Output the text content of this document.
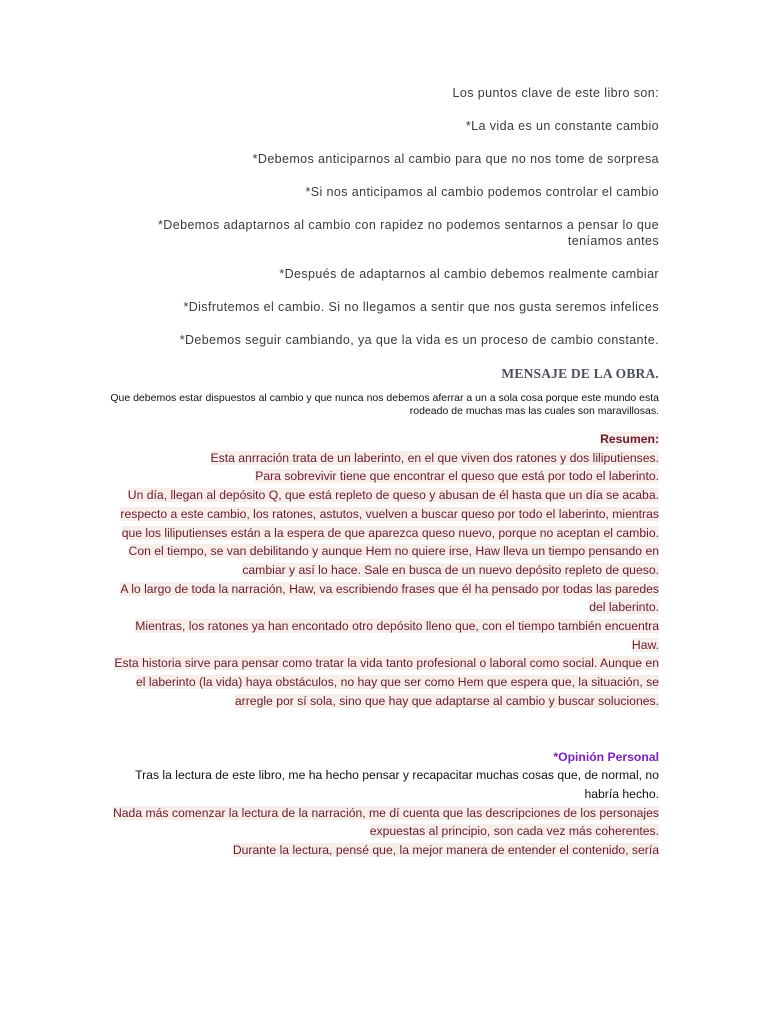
Los puntos clave de este libro son:

*La vida es un constante cambio

*Debemos anticiparnos al cambio para que no nos tome de sorpresa

*Si nos anticipamos al cambio podemos controlar el cambio

*Debemos adaptarnos al cambio con rapidez no podemos sentarnos a pensar lo que teníamos antes

*Después de adaptarnos al cambio debemos realmente cambiar

*Disfrutemos el cambio. Si no llegamos a sentir que nos gusta seremos infelices

*Debemos seguir cambiando, ya que la vida es un proceso de cambio constante.

MENSAJE DE LA OBRA.

Que debemos estar dispuestos al cambio y que nunca nos debemos aferrar a un a sola cosa porque este mundo esta rodeado de muchas mas las cuales son maravillosas.

Resumen:

Esta anrración trata de un laberinto, en el que viven dos ratones y dos liliputienses.

Para sobrevivir tiene que encontrar el queso que está por todo el laberinto.

Un día, llegan al depósito Q, que está repleto de queso y abusan de él hasta que un día se acaba.

respecto a este cambio, los ratones, astutos, vuelven a buscar queso por todo el laberinto, mientras que los liliputienses están a la espera de que aparezca queso nuevo, porque no aceptan el cambio. Con el tiempo, se van debilitando y aunque Hem no quiere irse, Haw lleva un tiempo pensando en cambiar y así lo hace. Sale en busca de un nuevo depósito repleto de queso.

A lo largo de toda la narración, Haw, va escribiendo frases que él ha pensado por todas las paredes del laberinto.

Mientras, los ratones ya han encontado otro depósito lleno que, con el tiempo también encuentra Haw.

Esta historia sirve para pensar como tratar la vida tanto profesional o laboral como social. Aunque en el laberinto (la vida) haya obstáculos, no hay que ser como Hem que espera que, la situación, se arregle por sí sola, sino que hay que adaptarse al cambio y buscar soluciones.

*Opinión Personal

Tras la lectura de este libro, me ha hecho pensar y recapacitar muchas cosas que, de normal, no habría hecho.

Nada más comenzar la lectura de la narración, me dí cuenta que las descripciones de los personajes expuestas al principio, son cada vez más coherentes.

Durante la lectura, pensé que, la mejor manera de entender el contenido, sería
